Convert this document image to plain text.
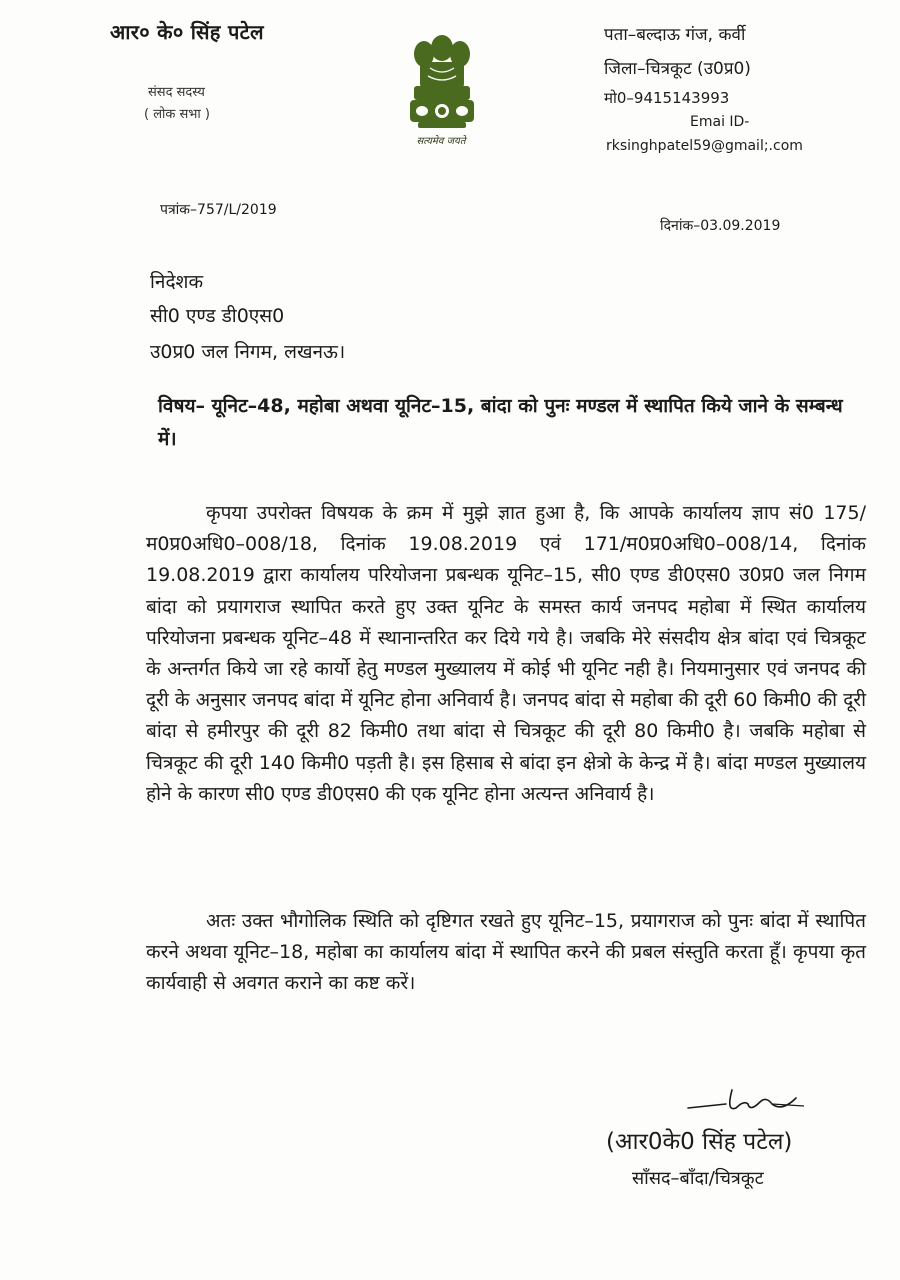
आर० के० सिंह पटेल
संसद सदस्य
( लोक सभा )
सत्यमेव जयते
पता–बल्दाऊ गंज, कर्वी
जिला–चित्रकूट (उ0प्र0)
मो0–9415143993
Emai ID-
rksinghpatel59@gmail;.com
पत्रांक–757/L/2019
दिनांक–03.09.2019
निदेशक
सी0 एण्ड डी0एस0
उ0प्र0 जल निगम, लखनऊ।
विषय– यूनिट–48, महोबा अथवा यूनिट–15, बांदा को पुनः मण्डल में स्थापित किये जाने के सम्बन्ध में।
कृपया उपरोक्त विषयक के क्रम में मुझे ज्ञात हुआ है, कि आपके कार्यालय ज्ञाप सं0 175/म0प्र0अधि0–008/18, दिनांक 19.08.2019 एवं 171/म0प्र0अधि0–008/14, दिनांक 19.08.2019 द्वारा कार्यालय परियोजना प्रबन्धक यूनिट–15, सी0 एण्ड डी0एस0 उ0प्र0 जल निगम बांदा को प्रयागराज स्थापित करते हुए उक्त यूनिट के समस्त कार्य जनपद महोबा में स्थित कार्यालय परियोजना प्रबन्धक यूनिट–48 में स्थानान्तरित कर दिये गये है। जबकि मेरे संसदीय क्षेत्र बांदा एवं चित्रकूट के अन्तर्गत किये जा रहे कार्यो हेतु मण्डल मुख्यालय में कोई भी यूनिट नही है। नियमानुसार एवं जनपद की दूरी के अनुसार जनपद बांदा में यूनिट होना अनिवार्य है। जनपद बांदा से महोबा की दूरी 60 किमी0 की दूरी बांदा से हमीरपुर की दूरी 82 किमी0 तथा बांदा से चित्रकूट की दूरी 80 किमी0 है। जबकि महोबा से चित्रकूट की दूरी 140 किमी0 पड़ती है। इस हिसाब से बांदा इन क्षेत्रो के केन्द्र में है। बांदा मण्डल मुख्यालय होने के कारण सी0 एण्ड डी0एस0 की एक यूनिट होना अत्यन्त अनिवार्य है।
अतः उक्त भौगोलिक स्थिति को दृष्टिगत रखते हुए यूनिट–15, प्रयागराज को पुनः बांदा में स्थापित करने अथवा यूनिट–18, महोबा का कार्यालय बांदा में स्थापित करने की प्रबल संस्तुति करता हूँ। कृपया कृत कार्यवाही से अवगत कराने का कष्ट करें।
(आर0के0 सिंह पटेल)
साँसद–बाँदा/चित्रकूट
